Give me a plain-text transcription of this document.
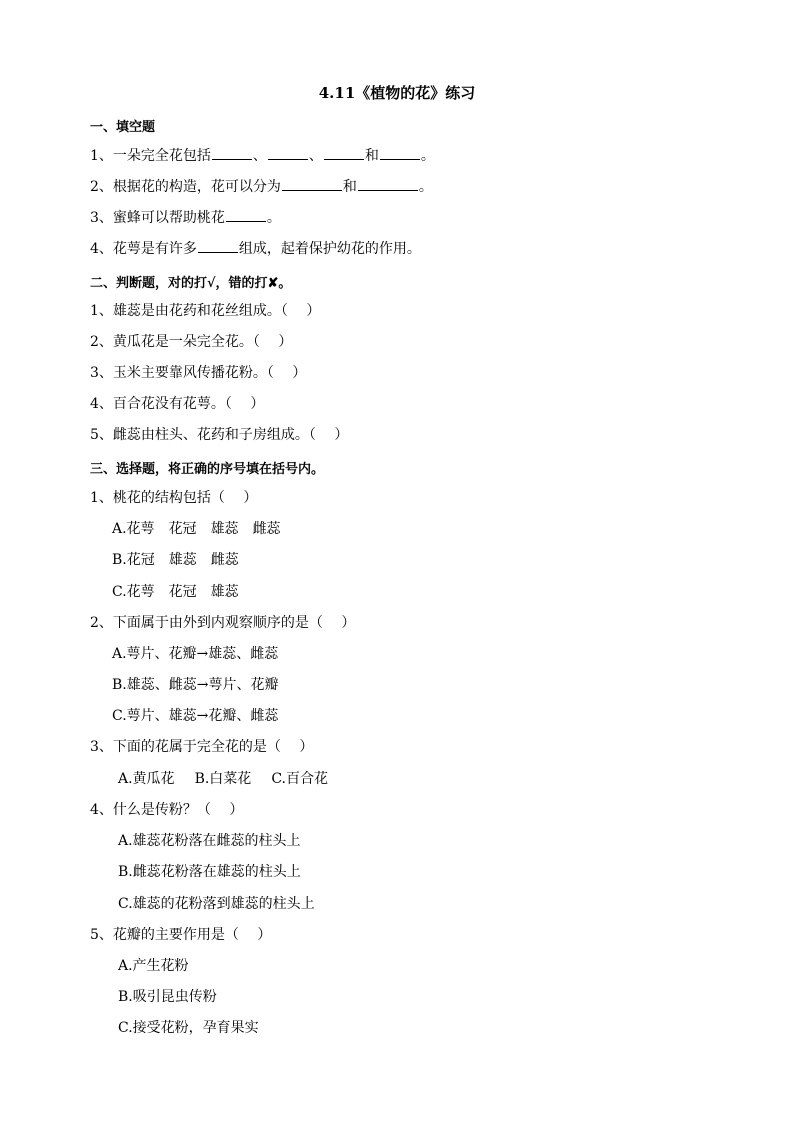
4.11《植物的花》练习
一、填空题
1、一朵完全花包括	、	、	和	。
2、根据花的构造，花可以分为	和	。
3、蜜蜂可以帮助桃花	。
4、花萼是有许多	组成，起着保护幼花的作用。
二、判断题，对的打√，错的打✘。
1、雄蕊是由花药和花丝组成。（　 ）
2、黄瓜花是一朵完全花。（　 ）
3、玉米主要靠风传播花粉。（　 ）
4、百合花没有花萼。（　 ）
5、雌蕊由柱头、花药和子房组成。（　 ）
三、选择题，将正确的序号填在括号内。
1、桃花的结构包括（　 ）
A.花萼 花冠 雄蕊 雌蕊
B.花冠 雄蕊 雌蕊
C.花萼 花冠 雄蕊
2、下面属于由外到内观察顺序的是（　 ）
A.萼片、花瓣→雄蕊、雌蕊
B.雄蕊、雌蕊→萼片、花瓣
C.萼片、雄蕊→花瓣、雌蕊
3、下面的花属于完全花的是（　 ）
A.黄瓜花 B.白菜花 C.百合花
4、什么是传粉？（　 ）
A.雄蕊花粉落在雌蕊的柱头上
B.雌蕊花粉落在雄蕊的柱头上
C.雄蕊的花粉落到雄蕊的柱头上
5、花瓣的主要作用是（　 ）
A.产生花粉
B.吸引昆虫传粉
C.接受花粉，孕育果实
